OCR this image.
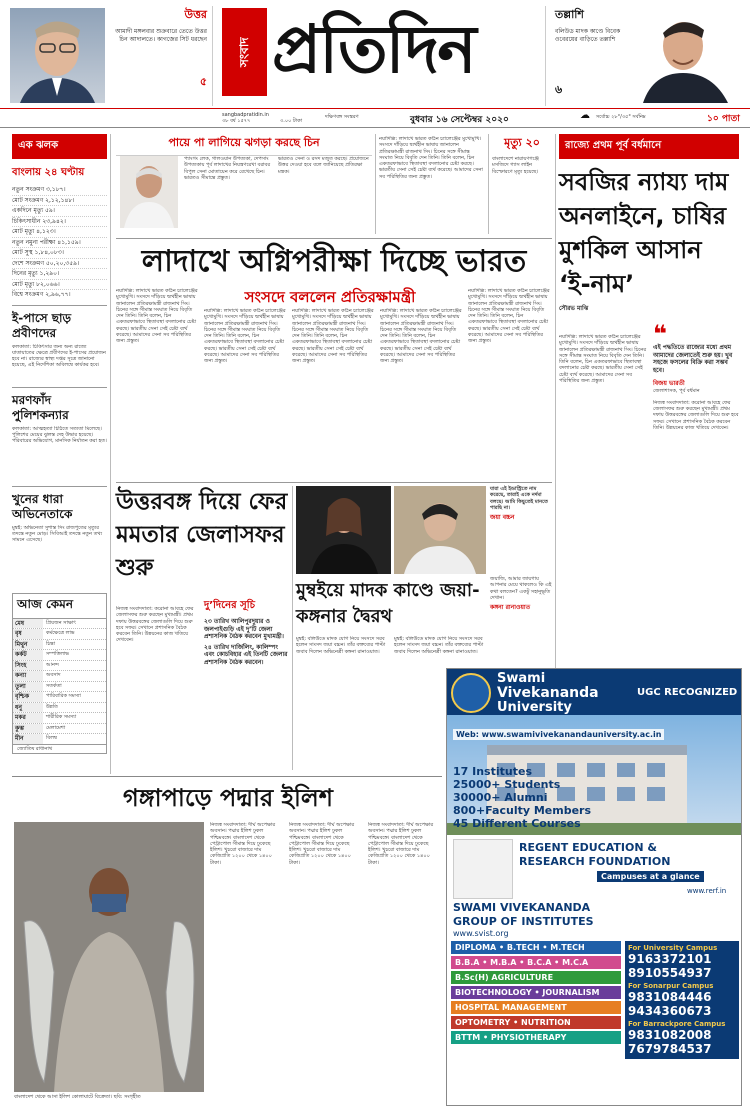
উত্তর
আমাদী মঙ্গলবার শুক্রবারে তেতে উত্তর চিন আদালতে। কাগজের সিট ধরছেন
৫
সংবাদ প্রতিদিন	তল্লাশি
বলিউড মাদক কাণ্ডে বিবেক ওবেরয়ের বাড়িতে তল্লাশি
৬
sangbadpratidin.in
৩৮ বর্ষ ১৫৭৭	৩.০০ টাকা
দক্ষিণবঙ্গ সংস্করণ	বুধবার ১৬ সেপ্টেম্বর ২০২০	☁ সর্বোচ্চ ২৮°/৩৫° সর্বনিম্ন	১০ পাতা
এক ঝলক
বাংলায় ২৪ ঘণ্টায়
নতুন সংক্রমণ ৩,১৮৭।
মোট সংক্রমণ ২,১২,১৪৮।
একদিনে মৃত্যু ৫৯।
চিকিৎসাধীন ২৩,৯৪২।
মোট মৃত্যু ৪,১২৩।
নতুন নমুনা পরীক্ষা ৪১,১৫৯।
মোট সুস্থ ১,৮৪,০৮৩।
দেশে সংক্রমণ ৫০,২০,৩৫৯।
দিনের মৃত্যু ১,২৯০।
মোট মৃত্যু ৮২,০৬৬।
বিশ্বে সংক্রমণ ২,৯৬,৭৭।
ই-পাসে ছাড় প্রবীণদের
কলকাতা: চিকিৎসার জন্য অন্য রাজ্যে যাতায়াতের ক্ষেত্রে প্রবীণদের ই-পাসের প্রয়োজন হবে না। রাজ্যের স্বাস্থ্য দপ্তর সূত্রে জানানো হয়েছে, এই নির্দেশিকা অবিলম্বে কার্যকর হবে।
মরণফাঁদ পুলিশকন্যার
কলকাতা: আত্মহত্যা চিঠিতে সত্যতা মিলেছে। পুলিশের মেয়ের ঝুলন্ত দেহ উদ্ধার হয়েছে। পরিবারের অভিযোগ, মানসিক নির্যাতন করা হত।
খুনের ধারা অভিনেতাকে
মুম্বই: অভিনেতা সুশান্ত সিং রাজপুতের মৃত্যুর তদন্তে নতুন মোড়। সিবিআই তদন্তে নতুন তথ্য সামনে এসেছে।
আজ কেমন
মেষ	প্রিয়জন সাক্ষাৎ
বৃষ	কর্মক্ষেত্রে লাভ
মিথুন	চিন্তা
কর্কট	সম্পত্তিলাভ
সিংহ	আনন্দ
কন্যা	অবসাদ
তুলা	সতর্কতা
বৃশ্চিক	পারিবারিক সমস্যা
ধনু	উন্নতি
মকর	শারীরিক সমস্যা
কুম্ভ	মেলামেশা
মীন	বিলম্ব
জ্যোতিষ রাধানাথ
পায়ে পা লাগিয়ে ঝগড়া করছে চিন
প্যাংগং লেক, গালওয়ান উপত্যকা, দেপসাং উপত্যকায় পূর্ব লাদাখের নিয়ন্ত্রণরেখা বরাবর বিপুল সেনা মোতায়েন করে রেখেছে চিন। ভারতও সীমান্তে প্রস্তুত।
ভারতও সেনা ও রসদ মজুত করছে। প্রয়োজনে উত্তর দেওয়া হবে বলে জানিয়েছে প্রতিরক্ষা মন্ত্রক।
নয়াদিল্লি: লাদাখে ভারত কঠিন চ্যালেঞ্জের মুখোমুখি। সংসদে দাঁড়িয়ে দ্ব্যর্থহীন ভাষায় জানালেন প্রতিরক্ষামন্ত্রী রাজনাথ সিং। চিনের সঙ্গে সীমান্ত সংঘাত নিয়ে বিবৃতি দেন তিনি। তিনি বলেন, চিন একতরফাভাবে স্থিতাবস্থা বদলানোর চেষ্টা করছে। ভারতীয় সেনা সেই চেষ্টা ব্যর্থ করেছে। আমাদের সেনা সব পরিস্থিতির জন্য প্রস্তুত।
মৃত্যু ২০
বাংলাদেশে নারায়ণগঞ্জে মসজিদে গ্যাস লাইন বিস্ফোরণে মৃত্যু হয়েছে।
রাজ্যে প্রথম পূর্ব বর্ধমানে
সবজির ন্যায্য দাম অনলাইনে, চাষির মুশকিল আসান ‘ই-নাম’
সৌরভ মাঝি
নয়াদিল্লি: লাদাখে ভারত কঠিন চ্যালেঞ্জের মুখোমুখি। সংসদে দাঁড়িয়ে দ্ব্যর্থহীন ভাষায় জানালেন প্রতিরক্ষামন্ত্রী রাজনাথ সিং। চিনের সঙ্গে সীমান্ত সংঘাত নিয়ে বিবৃতি দেন তিনি। তিনি বলেন, চিন একতরফাভাবে স্থিতাবস্থা বদলানোর চেষ্টা করছে। ভারতীয় সেনা সেই চেষ্টা ব্যর্থ করেছে। আমাদের সেনা সব পরিস্থিতির জন্য প্রস্তুত।
❝
এই পদ্ধতিতে রাজ্যের মধ্যে প্রথম আমাদের জেলাতেই শুরু হয়। খুব সহজে ফসলের বিক্রি করা সম্ভব হবে।
বিজয় ভারতী
জেলাশাসক, পূর্ব বর্ধমান
নিজস্ব সংবাদদাতা: করোনা আবহে ফের জেলাসফর শুরু করছেন মুখ্যমন্ত্রী। প্রথম দফায় উত্তরবঙ্গের জেলাগুলি দিয়ে শুরু হবে সফর। সেখানে প্রশাসনিক বৈঠক করবেন তিনি। উন্নয়নের কাজ খতিয়ে দেখবেন।
লাদাখে অগ্নিপরীক্ষা দিচ্ছে ভারত
সংসদে বললেন প্রতিরক্ষামন্ত্রী
নয়াদিল্লি: লাদাখে ভারত কঠিন চ্যালেঞ্জের মুখোমুখি। সংসদে দাঁড়িয়ে দ্ব্যর্থহীন ভাষায় জানালেন প্রতিরক্ষামন্ত্রী রাজনাথ সিং। চিনের সঙ্গে সীমান্ত সংঘাত নিয়ে বিবৃতি দেন তিনি। তিনি বলেন, চিন একতরফাভাবে স্থিতাবস্থা বদলানোর চেষ্টা করছে। ভারতীয় সেনা সেই চেষ্টা ব্যর্থ করেছে। আমাদের সেনা সব পরিস্থিতির জন্য প্রস্তুত।
নয়াদিল্লি: লাদাখে ভারত কঠিন চ্যালেঞ্জের মুখোমুখি। সংসদে দাঁড়িয়ে দ্ব্যর্থহীন ভাষায় জানালেন প্রতিরক্ষামন্ত্রী রাজনাথ সিং। চিনের সঙ্গে সীমান্ত সংঘাত নিয়ে বিবৃতি দেন তিনি। তিনি বলেন, চিন একতরফাভাবে স্থিতাবস্থা বদলানোর চেষ্টা করছে। ভারতীয় সেনা সেই চেষ্টা ব্যর্থ করেছে। আমাদের সেনা সব পরিস্থিতির জন্য প্রস্তুত।
নয়াদিল্লি: লাদাখে ভারত কঠিন চ্যালেঞ্জের মুখোমুখি। সংসদে দাঁড়িয়ে দ্ব্যর্থহীন ভাষায় জানালেন প্রতিরক্ষামন্ত্রী রাজনাথ সিং। চিনের সঙ্গে সীমান্ত সংঘাত নিয়ে বিবৃতি দেন তিনি। তিনি বলেন, চিন একতরফাভাবে স্থিতাবস্থা বদলানোর চেষ্টা করছে। ভারতীয় সেনা সেই চেষ্টা ব্যর্থ করেছে। আমাদের সেনা সব পরিস্থিতির জন্য প্রস্তুত।
নয়াদিল্লি: লাদাখে ভারত কঠিন চ্যালেঞ্জের মুখোমুখি। সংসদে দাঁড়িয়ে দ্ব্যর্থহীন ভাষায় জানালেন প্রতিরক্ষামন্ত্রী রাজনাথ সিং। চিনের সঙ্গে সীমান্ত সংঘাত নিয়ে বিবৃতি দেন তিনি। তিনি বলেন, চিন একতরফাভাবে স্থিতাবস্থা বদলানোর চেষ্টা করছে। ভারতীয় সেনা সেই চেষ্টা ব্যর্থ করেছে। আমাদের সেনা সব পরিস্থিতির জন্য প্রস্তুত।
নয়াদিল্লি: লাদাখে ভারত কঠিন চ্যালেঞ্জের মুখোমুখি। সংসদে দাঁড়িয়ে দ্ব্যর্থহীন ভাষায় জানালেন প্রতিরক্ষামন্ত্রী রাজনাথ সিং। চিনের সঙ্গে সীমান্ত সংঘাত নিয়ে বিবৃতি দেন তিনি। তিনি বলেন, চিন একতরফাভাবে স্থিতাবস্থা বদলানোর চেষ্টা করছে। ভারতীয় সেনা সেই চেষ্টা ব্যর্থ করেছে। আমাদের সেনা সব পরিস্থিতির জন্য প্রস্তুত।
উত্তরবঙ্গ দিয়ে ফের মমতার জেলাসফর শুরু
নিজস্ব সংবাদদাতা: করোনা আবহে ফের জেলাসফর শুরু করছেন মুখ্যমন্ত্রী। প্রথম দফায় উত্তরবঙ্গের জেলাগুলি দিয়ে শুরু হবে সফর। সেখানে প্রশাসনিক বৈঠক করবেন তিনি। উন্নয়নের কাজ খতিয়ে দেখবেন।
দু’দিনের সূচি
২৩ তারিখ আলিপুরদুয়ার ও জলপাইগুড়ি এই দু’টি জেলা প্রশাসনিক বৈঠক করবেন মুখ্যমন্ত্রী।
২৪ তারিখ দার্জিলিং, কালিম্পং এবং কোচবিহার এই তিনটি জেলার প্রশাসনিক বৈঠক করবেন।
যারা এই ইন্ডাস্ট্রিতে নাম করেছে, তারাই একে নর্দমা বলছে। আমি কিছুতেই মানতে পারছি না।
জয়া বচ্চন
মুম্বইয়ে মাদক কাণ্ডে জয়া-কঙ্গনার দ্বৈরথ
জয়াজি, আমার জায়গায় আপনার মেয়ে থাকলেও কি এই কথা বলতেন? একটু সহানুভূতি দেখান।
কঙ্গনা রানাওয়াত
মুম্বই: বলিউডে মাদক যোগ নিয়ে সংসদে সরব হলেন সাংসদ জয়া বচ্চন। তাঁর বক্তব্যের পাল্টা জবাব দিলেন অভিনেত্রী কঙ্গনা রানাওয়াত।
মুম্বই: বলিউডে মাদক যোগ নিয়ে সংসদে সরব হলেন সাংসদ জয়া বচ্চন। তাঁর বক্তব্যের পাল্টা জবাব দিলেন অভিনেত্রী কঙ্গনা রানাওয়াত।
গঙ্গাপাড়ে পদ্মার ইলিশ
বাংলাদেশ থেকে আসা ইলিশ কোলাঘাটে বিক্রেতা। ছবি: সংগৃহীত
নিজস্ব সংবাদদাতা: দীর্ঘ অপেক্ষার অবসান। পদ্মার ইলিশ ঢুকল পশ্চিমবঙ্গে। বাংলাদেশ থেকে পেট্রাপোল সীমান্ত দিয়ে ঢুকেছে ইলিশ। খুচরো বাজারে দাম কেজিপ্রতি ১২০০ থেকে ১৪০০ টাকা।
নিজস্ব সংবাদদাতা: দীর্ঘ অপেক্ষার অবসান। পদ্মার ইলিশ ঢুকল পশ্চিমবঙ্গে। বাংলাদেশ থেকে পেট্রাপোল সীমান্ত দিয়ে ঢুকেছে ইলিশ। খুচরো বাজারে দাম কেজিপ্রতি ১২০০ থেকে ১৪০০ টাকা।
নিজস্ব সংবাদদাতা: দীর্ঘ অপেক্ষার অবসান। পদ্মার ইলিশ ঢুকল পশ্চিমবঙ্গে। বাংলাদেশ থেকে পেট্রাপোল সীমান্ত দিয়ে ঢুকেছে ইলিশ। খুচরো বাজারে দাম কেজিপ্রতি ১২০০ থেকে ১৪০০ টাকা।
Swami
Vivekananda
University
UGC RECOGNIZED
Web: www.swamivivekanandauniversity.ac.in
17 Institutes
25000+ Students
30000+ Alumni
800+Faculty Members
45 Different Courses
REGENT EDUCATION &
RESEARCH FOUNDATION
Campuses at a glance
www.rerf.in
SWAMI VIVEKANANDA
GROUP OF INSTITUTES
www.svist.org
DIPLOMA • B.TECH • M.TECH
B.B.A • M.B.A • B.C.A • M.C.A
B.Sc(H) AGRICULTURE
BIOTECHNOLOGY • JOURNALISM
HOSPITAL MANAGEMENT
OPTOMETRY • NUTRITION
BTTM • PHYSIOTHERAPY
For University Campus
9163372101
8910554937
For Sonarpur Campus
9831084446
9434360673
For Barrackpore Campus
9831082008
7679784537
